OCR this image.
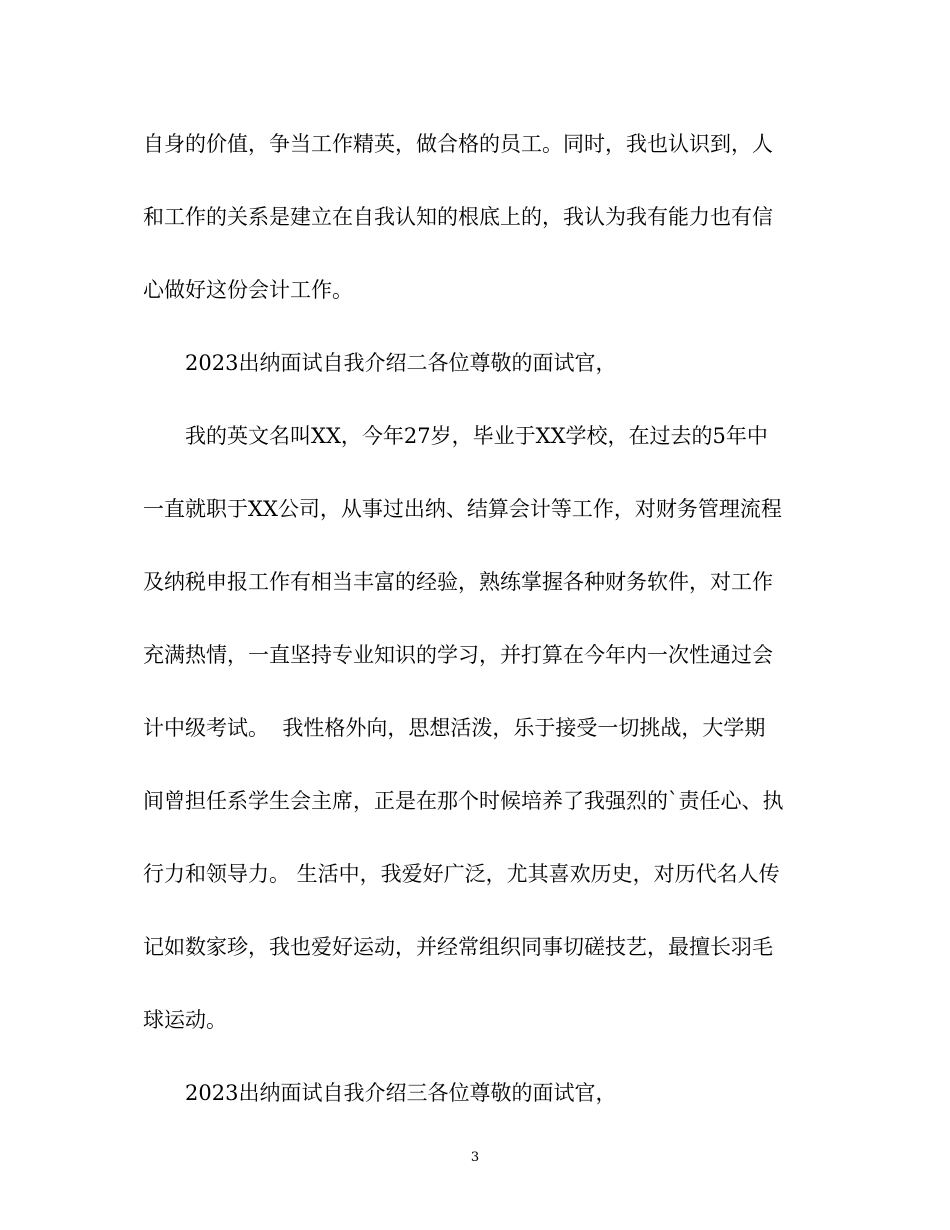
自身的价值，争当工作精英，做合格的员工。同时，我也认识到，人
和工作的关系是建立在自我认知的根底上的，我认为我有能力也有信
心做好这份会计工作。
2023出纳面试自我介绍二各位尊敬的面试官，
我的英文名叫XX，今年27岁，毕业于XX学校，在过去的5年中
一直就职于XX公司，从事过出纳、结算会计等工作，对财务管理流程
及纳税申报工作有相当丰富的经验，熟练掌握各种财务软件，对工作
充满热情，一直坚持专业知识的学习，并打算在今年内一次性通过会
计中级考试。  我性格外向，思想活泼，乐于接受一切挑战，大学期
间曾担任系学生会主席，正是在那个时候培养了我强烈的`责任心、执
行力和领导力。 生活中，我爱好广泛，尤其喜欢历史，对历代名人传
记如数家珍，我也爱好运动，并经常组织同事切磋技艺，最擅长羽毛
球运动。
2023出纳面试自我介绍三各位尊敬的面试官，
3
